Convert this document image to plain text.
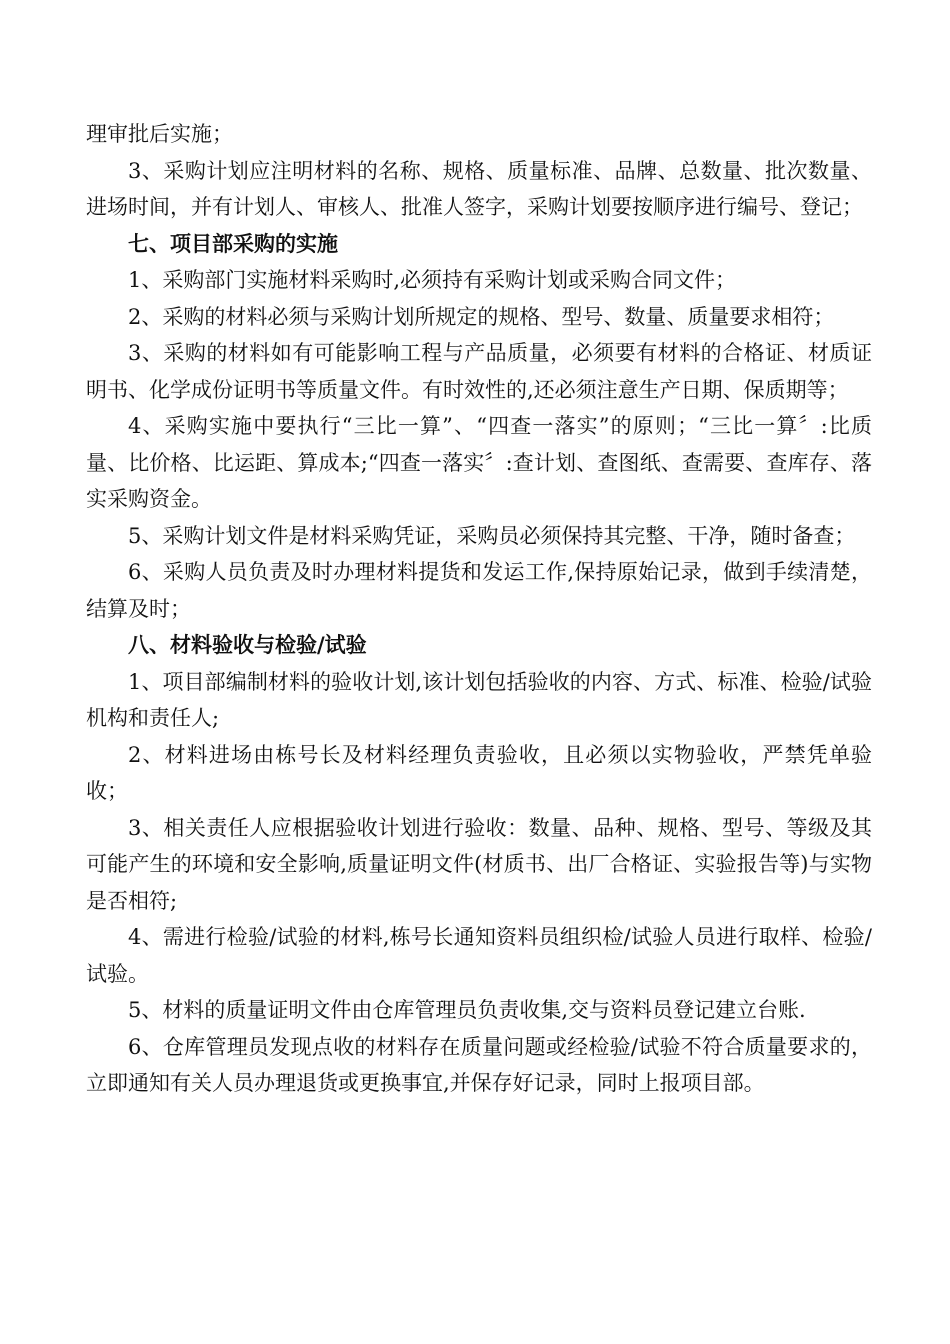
理审批后实施；

3、采购计划应注明材料的名称、规格、质量标准、品牌、总数量、批次数量、进场时间，并有计划人、审核人、批准人签字，采购计划要按顺序进行编号、登记；

七、项目部采购的实施

1、采购部门实施材料采购时,必须持有采购计划或采购合同文件；

2、采购的材料必须与采购计划所规定的规格、型号、数量、质量要求相符；

3、采购的材料如有可能影响工程与产品质量，必须要有材料的合格证、材质证明书、化学成份证明书等质量文件。有时效性的,还必须注意生产日期、保质期等；

4、采购实施中要执行“三比一算”、“四查一落实”的原则；“三比一算〞:比质量、比价格、比运距、算成本;“四查一落实〞:查计划、查图纸、查需要、查库存、落实采购资金。

5、采购计划文件是材料采购凭证，采购员必须保持其完整、干净，随时备查；

6、采购人员负责及时办理材料提货和发运工作,保持原始记录，做到手续清楚，结算及时；

八、材料验收与检验/试验

1、项目部编制材料的验收计划,该计划包括验收的内容、方式、标准、检验/试验机构和责任人;

2、材料进场由栋号长及材料经理负责验收，且必须以实物验收，严禁凭单验收；

3、相关责任人应根据验收计划进行验收：数量、品种、规格、型号、等级及其可能产生的环境和安全影响,质量证明文件(材质书、出厂合格证、实验报告等)与实物是否相符;

4、需进行检验/试验的材料,栋号长通知资料员组织检/试验人员进行取样、检验/试验。

5、材料的质量证明文件由仓库管理员负责收集,交与资料员登记建立台账.

6、仓库管理员发现点收的材料存在质量问题或经检验/试验不符合质量要求的，立即通知有关人员办理退货或更换事宜,并保存好记录，同时上报项目部。
